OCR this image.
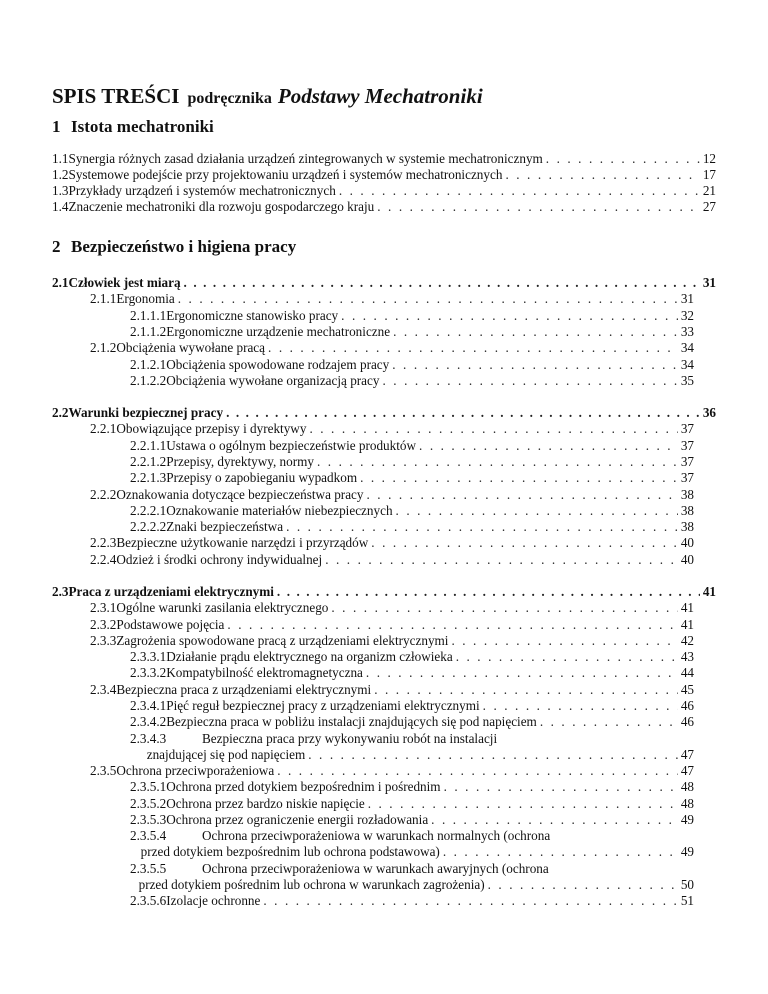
SPIS TREŚCI podręcznika Podstawy Mechatroniki
1 Istota mechatroniki
1.1 Synergia różnych zasad działania urządzeń zintegrowanych w systemie mechatronicznym . . .	12
1.2 Systemowe podejście przy projektowaniu urządzeń i systemów mechatronicznych . . .	17
1.3 Przykłady urządzeń i systemów mechatronicznych . . .	21
1.4 Znaczenie mechatroniki dla rozwoju gospodarczego kraju . . .	27
2 Bezpieczeństwo i higiena pracy
2.1 Człowiek jest miarą . . .	31
2.1.1 Ergonomia . . .	31
2.1.1.1 Ergonomiczne stanowisko pracy . . .	32
2.1.1.2 Ergonomiczne urządzenie mechatroniczne . . .	33
2.1.2 Obciążenia wywołane pracą . . .	34
2.1.2.1 Obciążenia spowodowane rodzajem pracy . . .	34
2.1.2.2 Obciążenia wywołane organizacją pracy . . .	35
2.2 Warunki bezpiecznej pracy . . .	36
2.2.1 Obowiązujące przepisy i dyrektywy . . .	37
2.2.1.1 Ustawa o ogólnym bezpieczeństwie produktów . . .	37
2.2.1.2 Przepisy, dyrektywy, normy . . .	37
2.2.1.3 Przepisy o zapobieganiu wypadkom . . .	37
2.2.2 Oznakowania dotyczące bezpieczeństwa pracy . . .	38
2.2.2.1 Oznakowanie materiałów niebezpiecznych . . .	38
2.2.2.2 Znaki bezpieczeństwa . . .	38
2.2.3 Bezpieczne użytkowanie narzędzi i przyrządów . . .	40
2.2.4 Odzież i środki ochrony indywidualnej . . .	40
2.3 Praca z urządzeniami elektrycznymi . . .	41
2.3.1 Ogólne warunki zasilania elektrycznego . . .	41
2.3.2 Podstawowe pojęcia . . .	41
2.3.3 Zagrożenia spowodowane pracą z urządzeniami elektrycznymi . . .	42
2.3.3.1 Działanie prądu elektrycznego na organizm człowieka . . .	43
2.3.3.2 Kompatybilność elektromagnetyczna . . .	44
2.3.4 Bezpieczna praca z urządzeniami elektrycznymi . . .	45
2.3.4.1 Pięć reguł bezpiecznej pracy z urządzeniami elektrycznymi . . .	46
2.3.4.2 Bezpieczna praca w pobliżu instalacji znajdujących się pod napięciem . . .	46
2.3.4.3	Bezpieczna praca przy wykonywaniu robót na instalacji
znajdującej się pod napięciem . . .	47
2.3.5 Ochrona przeciwporażeniowa . . .	47
2.3.5.1 Ochrona przed dotykiem bezpośrednim i pośrednim . . .	48
2.3.5.2 Ochrona przez bardzo niskie napięcie . . .	48
2.3.5.3 Ochrona przez ograniczenie energii rozładowania . . .	49
2.3.5.4	Ochrona przeciwporażeniowa w warunkach normalnych (ochrona
przed dotykiem bezpośrednim lub ochrona podstawowa) . . .	49
2.3.5.5	Ochrona przeciwporażeniowa w warunkach awaryjnych (ochrona
przed dotykiem pośrednim lub ochrona w warunkach zagrożenia) . . .	50
2.3.5.6 Izolacje ochronne . . .	51
